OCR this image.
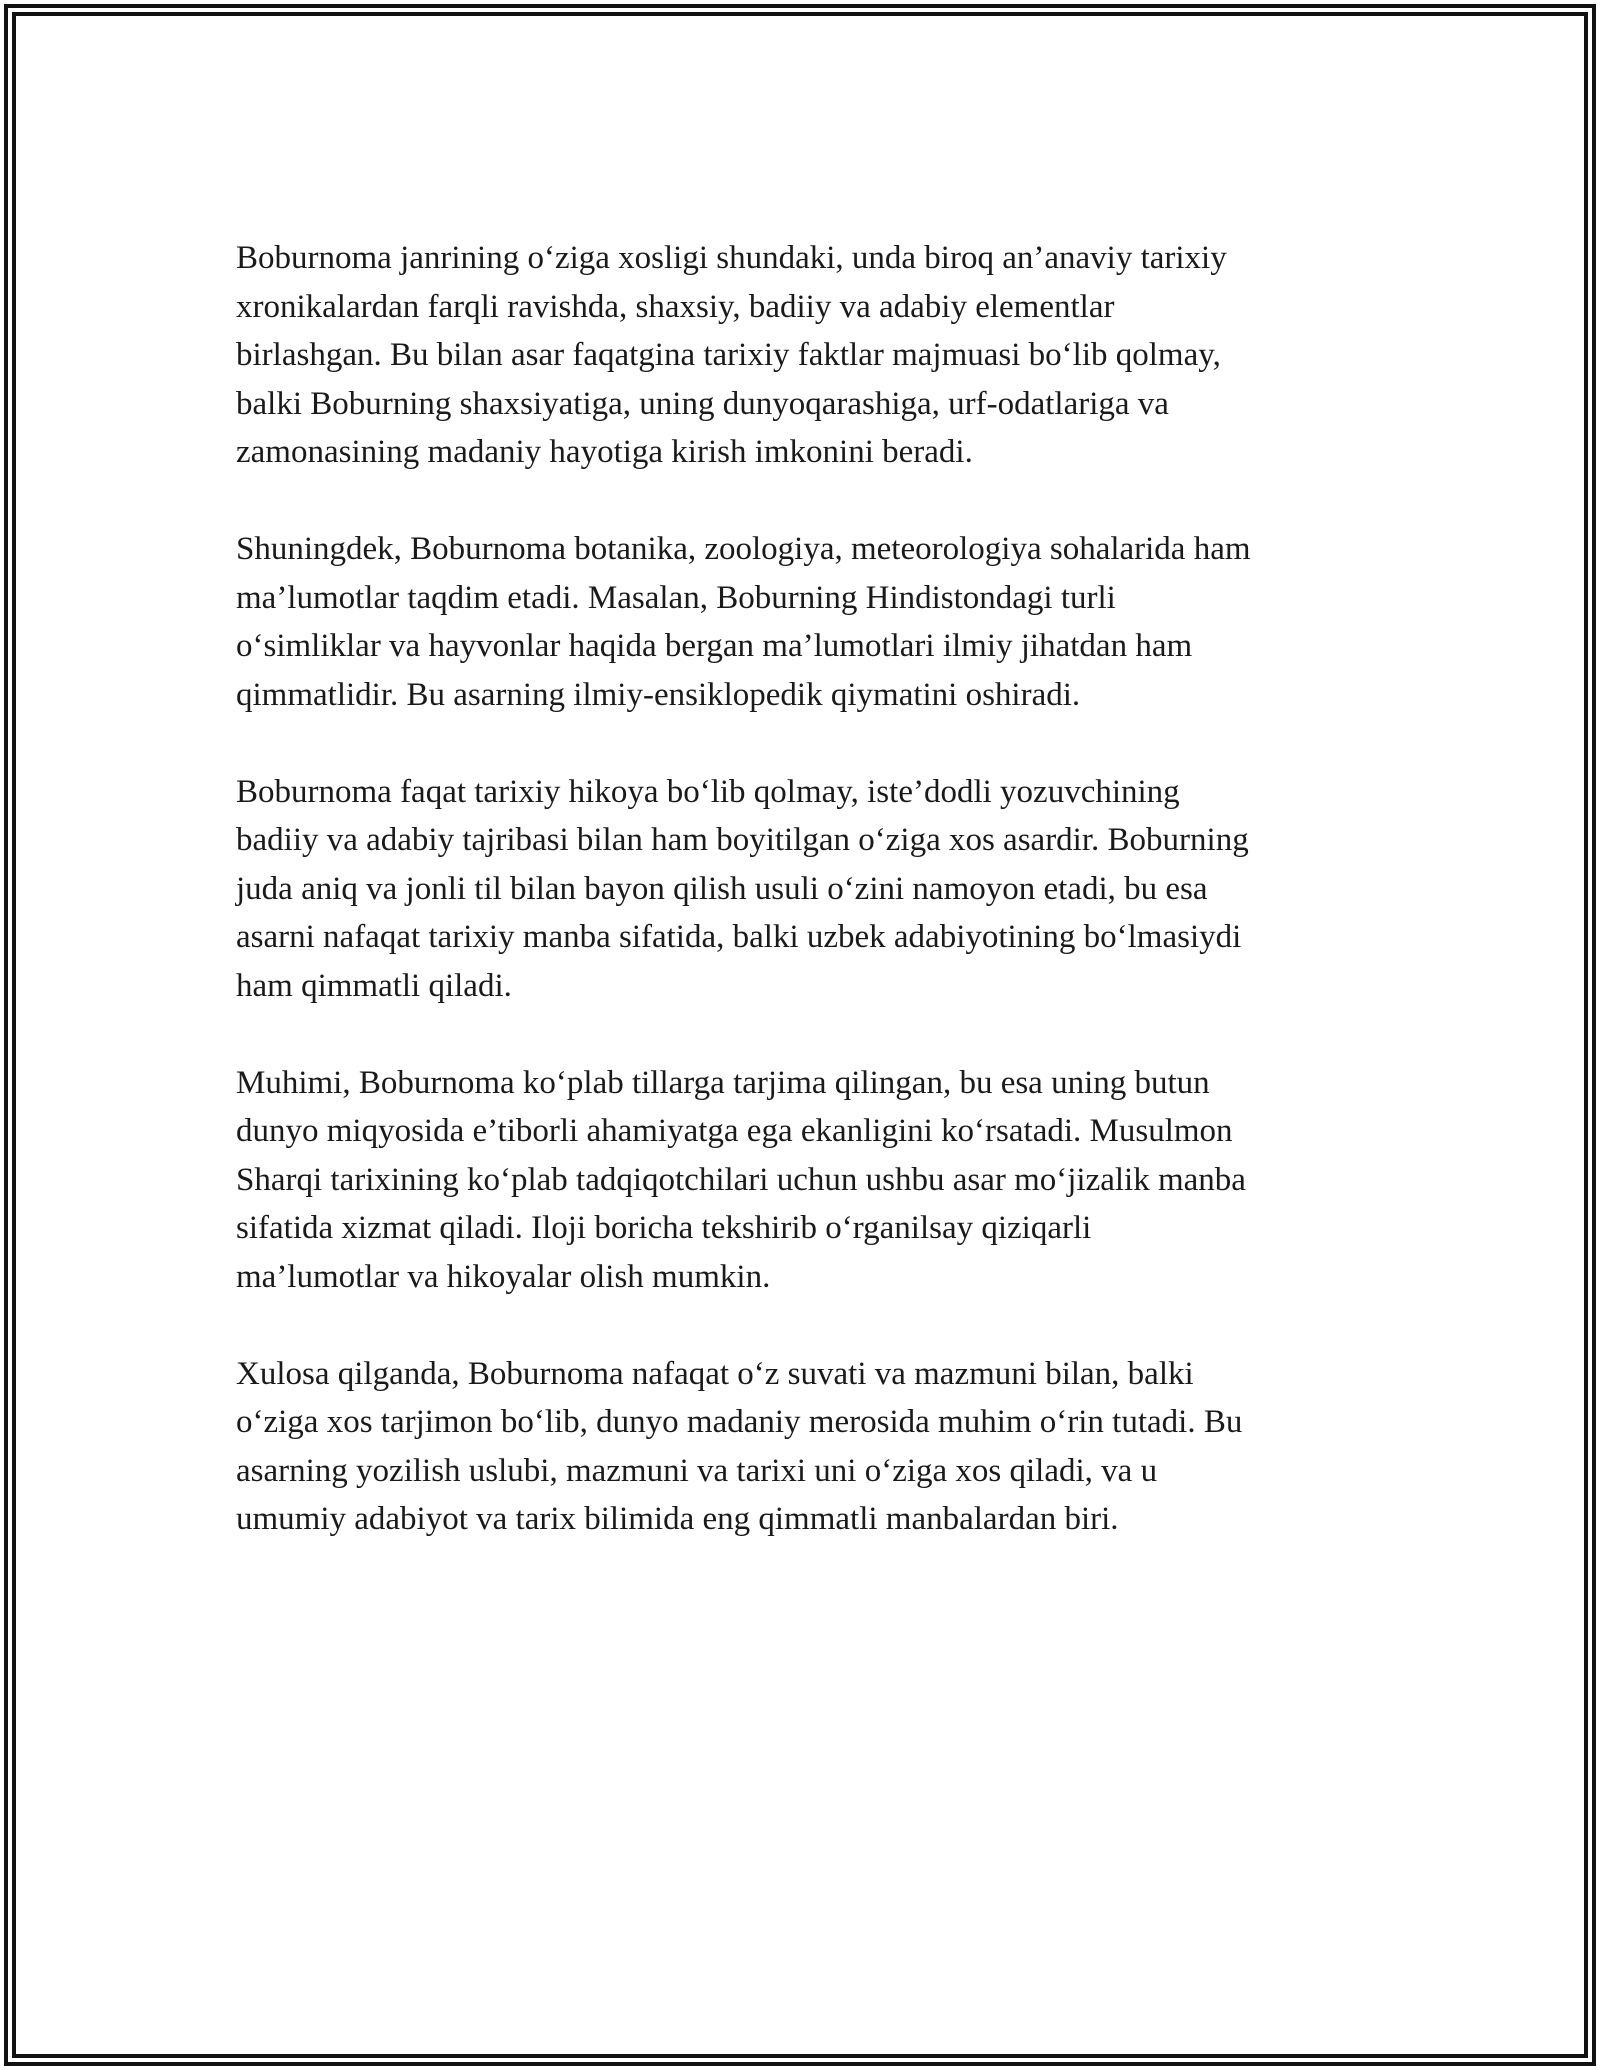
Boburnoma janrining o‘ziga xosligi shundaki, unda biroq an’anaviy tarixiy
xronikalardan farqli ravishda, shaxsiy, badiiy va adabiy elementlar
birlashgan. Bu bilan asar faqatgina tarixiy faktlar majmuasi bo‘lib qolmay,
balki Boburning shaxsiyatiga, uning dunyoqarashiga, urf-odatlariga va
zamonasining madaniy hayotiga kirish imkonini beradi.

Shuningdek, Boburnoma botanika, zoologiya, meteorologiya sohalarida ham
ma’lumotlar taqdim etadi. Masalan, Boburning Hindistondagi turli
o‘simliklar va hayvonlar haqida bergan ma’lumotlari ilmiy jihatdan ham
qimmatlidir. Bu asarning ilmiy-ensiklopedik qiymatini oshiradi.

Boburnoma faqat tarixiy hikoya bo‘lib qolmay, iste’dodli yozuvchining
badiiy va adabiy tajribasi bilan ham boyitilgan o‘ziga xos asardir. Boburning
juda aniq va jonli til bilan bayon qilish usuli o‘zini namoyon etadi, bu esa
asarni nafaqat tarixiy manba sifatida, balki uzbek adabiyotining bo‘lmasiydi
ham qimmatli qiladi.

Muhimi, Boburnoma ko‘plab tillarga tarjima qilingan, bu esa uning butun
dunyo miqyosida e’tiborli ahamiyatga ega ekanligini ko‘rsatadi. Musulmon
Sharqi tarixining ko‘plab tadqiqotchilari uchun ushbu asar mo‘jizalik manba
sifatida xizmat qiladi. Iloji boricha tekshirib o‘rganilsay qiziqarli
ma’lumotlar va hikoyalar olish mumkin.

Xulosa qilganda, Boburnoma nafaqat o‘z suvati va mazmuni bilan, balki
o‘ziga xos tarjimon bo‘lib, dunyo madaniy merosida muhim o‘rin tutadi. Bu
asarning yozilish uslubi, mazmuni va tarixi uni o‘ziga xos qiladi, va u
umumiy adabiyot va tarix bilimida eng qimmatli manbalardan biri.
